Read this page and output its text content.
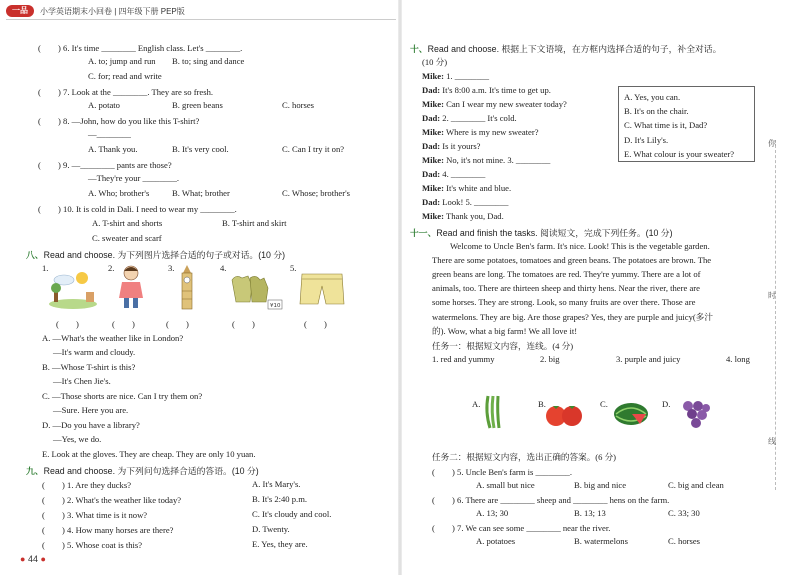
一品	小学英语期末小回卷 | 四年级下册 PEP版
(　　) 6. It's time ________ English class. Let's ________.
A. to; jump and run B. to; sing and dance
C. for; read and write
(　　) 7. Look at the ________. They are so fresh.
A. potato	B. green beans	C. horses
(　　) 8. —John, how do you like this T-shirt?
—________
A. Thank you.	B. It's very cool.	C. Can I try it on?
(　　) 9. —________ pants are those?
—They're your ________.
A. Who; brother's	B. What; brother	C. Whose; brother's
(　　) 10. It is cold in Dali. I need to wear my ________.
A. T-shirt and shorts	B. T-shirt and skirt
C. sweater and scarf
八、Read and choose. 为下列图片选择合适的句子或对话。(10 分)
1.	2.	3.	4.	5.
¥10
(　　)	(　　)	(　　)	(　　)	(　　)
A. —What's the weather like in London?
—It's warm and cloudy.
B. —Whose T-shirt is this?
—It's Chen Jie's.
C. —Those shorts are nice. Can I try them on?
—Sure. Here you are.
D. —Do you have a library?
—Yes, we do.
E. Look at the gloves. They are cheap. They are only 10 yuan.
九、Read and choose. 为下列问句选择合适的答语。(10 分)
(　　) 1. Are they ducks?	A. It's Mary's.
(　　) 2. What's the weather like today?	B. It's 2:40 p.m.
(　　) 3. What time is it now?	C. It's cloudy and cool.
(　　) 4. How many horses are there?	D. Twenty.
(　　) 5. Whose coat is this?	E. Yes, they are.
● 44 ●
十、Read and choose. 根据上下文语境，在方框内选择合适的句子，补全对话。
(10 分)
Mike: 1. ________
Dad: It's 8:00 a.m. It's time to get up.
Mike: Can I wear my new sweater today?
Dad: 2. ________ It's cold.
Mike: Where is my new sweater?
Dad: Is it yours?
Mike: No, it's not mine. 3. ________
Dad: 4. ________
Mike: It's white and blue.
Dad: Look! 5. ________
Mike: Thank you, Dad.
A. Yes, you can.
B. It's on the chair.
C. What time is it, Dad?
D. It's Lily's.
E. What colour is your sweater?
十一、Read and finish the tasks. 阅读短文，完成下列任务。(10 分)
Welcome to Uncle Ben's farm. It's nice. Look! This is the vegetable garden.
There are some potatoes, tomatoes and green beans. The potatoes are brown. The
green beans are long. The tomatoes are red. They're yummy. There are a lot of
animals, too. There are thirteen sheep and thirty hens. Near the river, there are
some horses. They are strong. Look, so many fruits are over there. Those are
watermelons. They are big. Are those grapes? Yes, they are purple and juicy(多汁
的). Wow, what a big farm! We all love it!
任务一：根据短文内容，连线。(4 分)
1. red and yummy	2. big	3. purple and juicy	4. long
A.	B.	C.	D.
任务二：根据短文内容，选出正确的答案。(6 分)
(　　) 5. Uncle Ben's farm is ________.
A. small but nice	B. big and nice	C. big and clean
(　　) 6. There are ________ sheep and ________ hens on the farm.
A. 13; 30	B. 13; 13	C. 33; 30
(　　) 7. We can see some ________ near the river.
A. potatoes	B. watermelons	C. horses
你
时
线
